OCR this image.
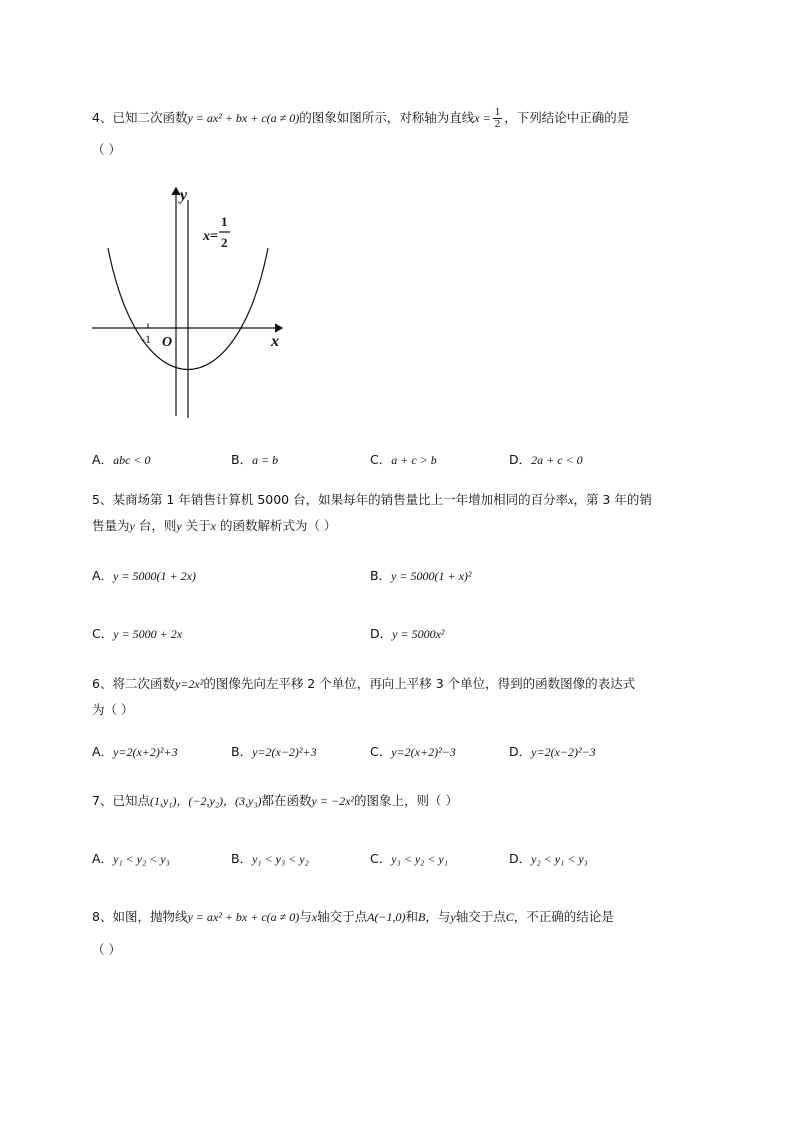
4、已知二次函数y = ax² + bx + c(a ≠ 0)的图象如图所示，对称轴为直线$x = \frac{1}{2}$ ，下列结论中正确的是
（ ）
y
x
O
-1
x=
1
2
A．abc < 0	B．a = b	C．a + c > b	D．2a + c < 0
5、某商场第 1 年销售计算机 5000 台，如果每年的销售量比上一年增加相同的百分率x，第 3 年的销
售量为y 台，则y 关于x 的函数解析式为（ ）
A．y = 5000(1 + 2x)	B．y = 5000(1 + x)²
C．y = 5000 + 2x	D．y = 5000x²
6、将二次函数y=2x²的图像先向左平移 2 个单位，再向上平移 3 个单位，得到的函数图像的表达式
为（ ）
A．y=2(x+2)²+3	B．y=2(x−2)²+3	C．y=2(x+2)²−3	D．y=2(x−2)²−3
7、已知点(1,y₁)，(−2,y₂)，(3,y₃)都在函数y = −2x²的图象上，则（ ）
A．y₁ < y₂ < y₃	B．y₁ < y₃ < y₂	C．y₃ < y₂ < y₁	D．y₂ < y₁ < y₃
8、如图，抛物线y = ax² + bx + c(a ≠ 0)与x轴交于点A(−1,0)和B，与y轴交于点C，不正确的结论是
（ ）
